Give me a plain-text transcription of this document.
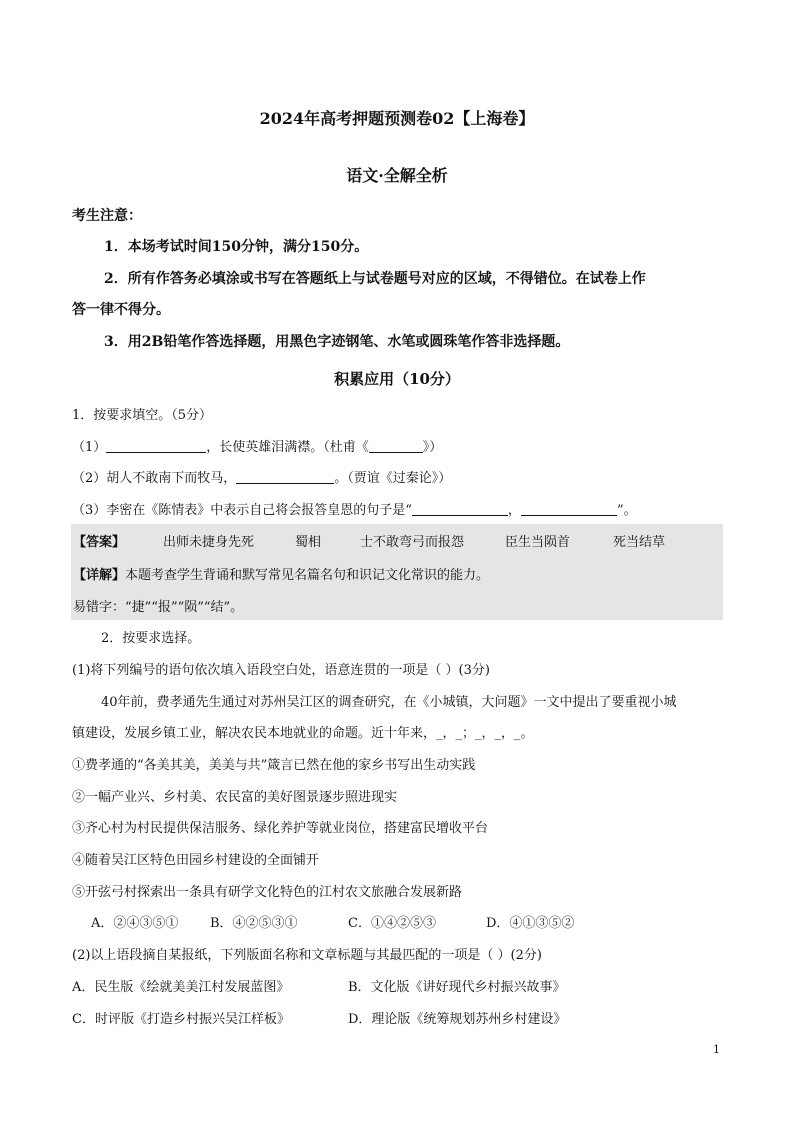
2024年高考押题预测卷02【上海卷】
语文·全解全析
考生注意：
1．本场考试时间150分钟，满分150分。
2．所有作答务必填涂或书写在答题纸上与试卷题号对应的区域，不得错位。在试卷上作
答一律不得分。
3．用2B铅笔作答选择题，用黑色字迹钢笔、水笔或圆珠笔作答非选择题。
积累应用（10分）
1．按要求填空。（5分）
（1）	，长使英雄泪满襟。（杜甫《	》）
（2）胡人不敢南下而牧马，	。（贾谊《过秦论》）
（3）李密在《陈情表》中表示自己将会报答皇恩的句子是“	，	”。
【答案】	出师未捷身先死	蜀相	士不敢弯弓而报怨	臣生当陨首	死当结草
【详解】本题考查学生背诵和默写常见名篇名句和识记文化常识的能力。
易错字：“捷”“报”“陨”“结”。
2．按要求选择。
(1)将下列编号的语句依次填入语段空白处，语意连贯的一项是（ ）(3分)
40年前，费孝通先生通过对苏州吴江区的调查研究，在《小城镇，大问题》一文中提出了要重视小城
镇建设，发展乡镇工业，解决农民本地就业的命题。近十年来，_，_；_，_，_。
①费孝通的“各美其美，美美与共”箴言已然在他的家乡书写出生动实践
②一幅产业兴、乡村美、农民富的美好图景逐步照进现实
③齐心村为村民提供保洁服务、绿化养护等就业岗位，搭建富民增收平台
④随着吴江区特色田园乡村建设的全面铺开
⑤开弦弓村探索出一条具有研学文化特色的江村农文旅融合发展新路
A．②④③⑤① B．④②⑤③①	C．①④②⑤③	D．④①③⑤②
(2)以上语段摘自某报纸，下列版面名称和文章标题与其最匹配的一项是（ ）(2分)
A．民生版《绘就美美江村发展蓝图》	B．文化版《讲好现代乡村振兴故事》
C．时评版《打造乡村振兴吴江样板》	D．理论版《统筹规划苏州乡村建设》
1
